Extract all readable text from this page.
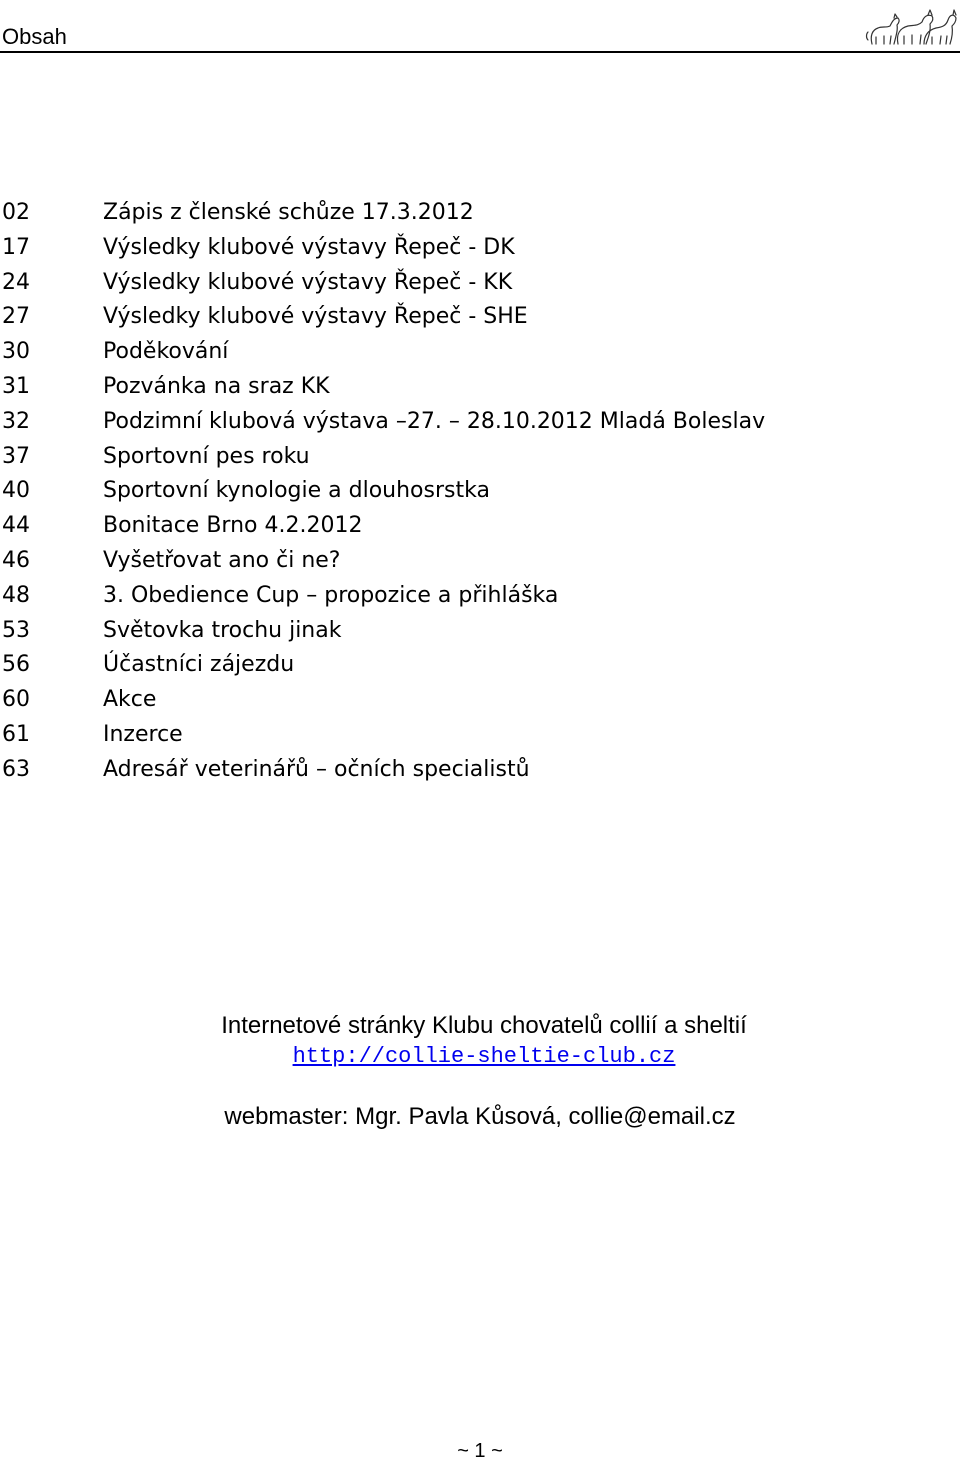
Obsah
02	Zápis z členské schůze 17.3.2012
17	Výsledky klubové výstavy Řepeč - DK
24	Výsledky klubové výstavy Řepeč - KK
27	Výsledky klubové výstavy Řepeč - SHE
30	Poděkování
31	Pozvánka na sraz KK
32	Podzimní klubová výstava –27. – 28.10.2012 Mladá Boleslav
37	Sportovní pes roku
40	Sportovní kynologie a dlouhosrstka
44	Bonitace Brno 4.2.2012
46	Vyšetřovat ano či ne?
48	3. Obedience Cup – propozice a přihláška
53	Světovka trochu jinak
56	Účastníci zájezdu
60	Akce
61	Inzerce
63	Adresář veterinářů – očních specialistů
Internetové stránky Klubu chovatelů collií a sheltií
http://collie-sheltie-club.cz
webmaster: Mgr. Pavla Kůsová, collie@email.cz
~ 1 ~
